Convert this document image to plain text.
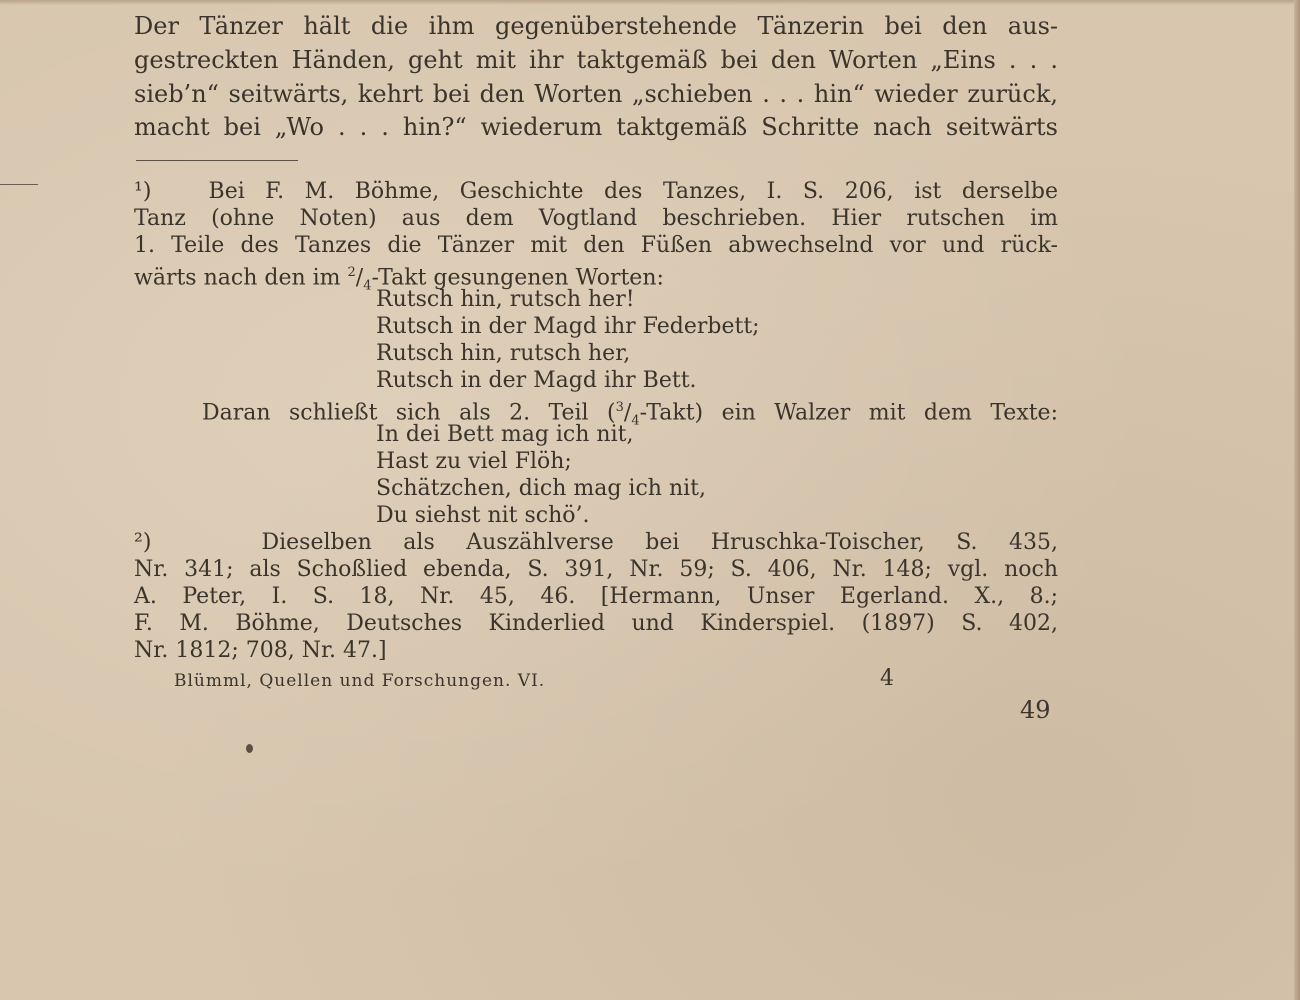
Der Tänzer hält die ihm gegenüberstehende Tänzerin bei den aus-
gestreckten Händen, geht mit ihr taktgemäß bei den Worten „Eins . . .
sieb’n“ seitwärts, kehrt bei den Worten „schieben . . . hin“ wieder zurück,
macht bei „Wo . . . hin?“ wiederum taktgemäß Schritte nach seitwärts
¹) Bei F. M. Böhme, Geschichte des Tanzes, I. S. 206, ist derselbe
Tanz (ohne Noten) aus dem Vogtland beschrieben. Hier rutschen im
1. Teile des Tanzes die Tänzer mit den Füßen abwechselnd vor und rück-
wärts nach den im $^2/_4$-Takt gesungenen Worten:
Rutsch hin, rutsch her!
Rutsch in der Magd ihr Federbett;
Rutsch hin, rutsch her,
Rutsch in der Magd ihr Bett.
Daran schließt sich als 2. Teil $(^3/_4-Takt)$ ein Walzer mit dem Texte:
In dei Bett mag ich nit,
Hast zu viel Flöh;
Schätzchen, dich mag ich nit,
Du siehst nit schö’.
²)	Dieselben als Auszählverse bei Hruschka-Toischer, S. 435,
Nr. 341; als Schoßlied ebenda, S. 391, Nr. 59; S. 406, Nr. 148; vgl. noch
A. Peter, I. S. 18, Nr. 45, 46. [Hermann, Unser Egerland. X., 8.;
F. M. Böhme, Deutsches Kinderlied und Kinderspiel. (1897) S. 402,
Nr. 1812; 708, Nr. 47.]
Blümml, Quellen und Forschungen. VI.	4
49
